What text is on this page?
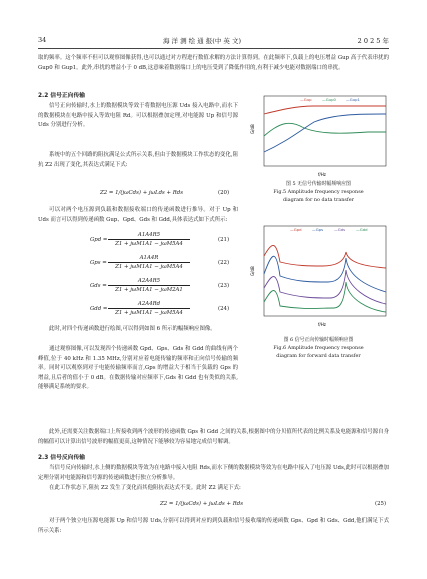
34	海 洋 测 绘 通 报(中 英 文)	2 0 2 5 年
取的频率。这个频率不但可以观察图像获得,也可以通过对方程进行数值求解的方法计算得到。在此频率下,负载上的电压增益 Gup 高于代表串扰的 Gup0 和 Gup1。此外,串扰的增益小于 0 dB,这意味着数据端口上的电压受到了降低作用的,有利于减少电能对数据端口的串扰。
2.2 信号正向传输
信号正向传输时,水上的数据模块等效于将数据电压源 Uds 接入电路中,而水下的数据模块在电路中接入等效电阻 Rd。可以根据叠加定理,对电能源 Up 和信号源 Uds 分别进行分析。
系统中的五个回路的阻抗满足公式所示关系,但由于数据模块工作状态的变化,阻抗 Z2 出现了变化,其表达式满足下式:
Z2 = 1/(jωCds) + jωLds + Rds	(20)
可以对两个电压源到负载和数据接收端口的传递函数进行推导。对于 Up 和 Uds 而言可以得到传递函数 Gup、Gpd、Gds 和 Gdd,具体表达式如下式所示:
Gpd =
A1A4R5
Z1 + jωM1A1 − jωM5A4
(21)
Gps =
A1A4R
Z1 + jωM1A1 − jωM5A4
(22)
Gds =
A2A4R5
Z1 + jωM1A1 − jωM2A1
(23)
Gdd =
A2A4Rd
Z1 + jωM1A1 − jωM5A4
(24)
此时,对四个传递函数进行绘图,可以得到如图 6 所示的幅频响应图像。
通过观察图像,可以发现四个传递函数 Gpd、Gps、Gds 和 Gdd 的曲线有两个峰值,位于 40 kHz 和 1.35 MHz,分别对应着电能传输的频率和正向信号传输的频率。同时可以观察到对于电能传输频率而言,Gps 的增益大于相当于负载的 Gps 的增益,且后者的值小于 0 dB。在数据传输对应频率下,Gds 和 Gdd 也有类似的关系,能够满足系统的要求。
此外,还需要关注数据端口上所接收到两个波形的传递函数 Gps 和 Gdd 之间的关系,根据图中的分贝值所代表的比例关系及电能源和信号源自身的幅值可以计算出信号波形的幅值更高,这种情况下能够较为容易地完成信号解调。
2.3 信号反向传输
当信号反向传输时,水上侧的数据模块等效为在电路中接入电阻 Rds,而水下侧的数据模块等效为在电路中接入了电压源 Uds,此时可以根据叠加定理分别对电能源和信号源的传递函数进行独立分析推导。
在此工作状态下,阻抗 Z2 发生了变化而其他阻抗表达式不变。此时 Z2 满足下式:
Z2 = 1/(jωCds) + jωLds + Rds	(25)
对于两个独立电压源电能源 Up 和信号源 Uds,分别可以得到对应的到负载和信号接收端的传递函数 Gps、Gpd 和 Gds、Gdd,他们满足下式所示关系:
G/dB
f/Hz
—Gup	—Gup0	—Gup1
图 5 无信号传输时幅频响应图
Fig.5 Amplitude frequency response
diagram for no data transfer
G/dB
f/Hz
—Gpd	—Gps	—Gds	—Gdd
图 6 信号正向传输时幅频响应图
Fig.6 Amplitude frequency response
diagram for forward data transfer
